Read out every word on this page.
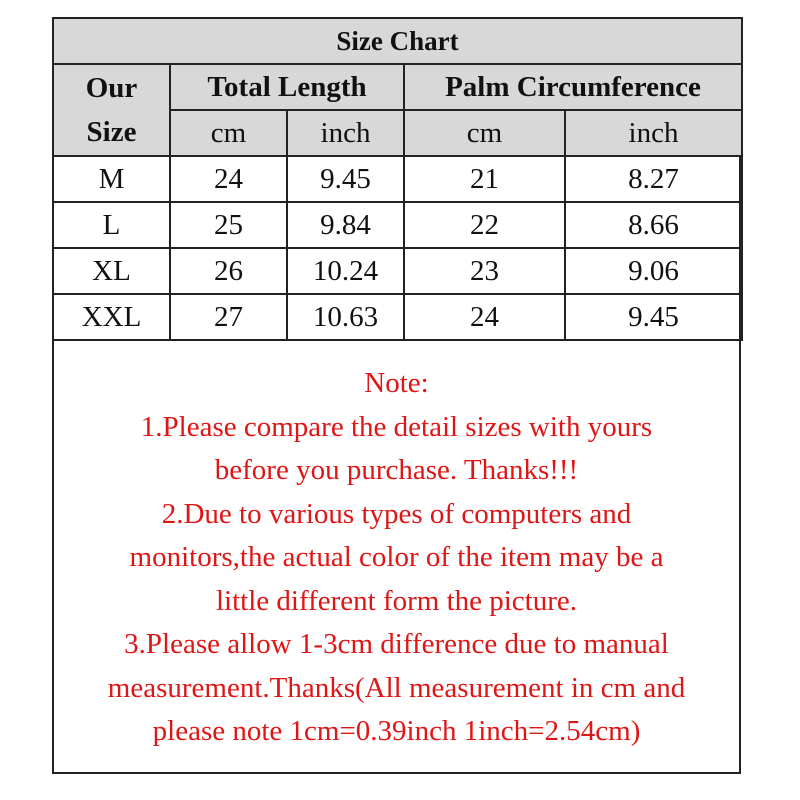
Size Chart				
Our
Size	Total Length		Palm Circumference	
	cm	inch	cm	inch
M	24	9.45	21	8.27
L	25	9.84	22	8.66
XL	26	10.24	23	9.06
XXL	27	10.63	24	9.45
Note:
1.Please compare the detail sizes with yours
before you purchase. Thanks!!!
2.Due to various types of computers and
monitors,the actual color of the item may be a
little different form the picture.
3.Please allow 1-3cm difference due to manual
measurement.Thanks(All measurement in cm and
please note 1cm=0.39inch 1inch=2.54cm)
